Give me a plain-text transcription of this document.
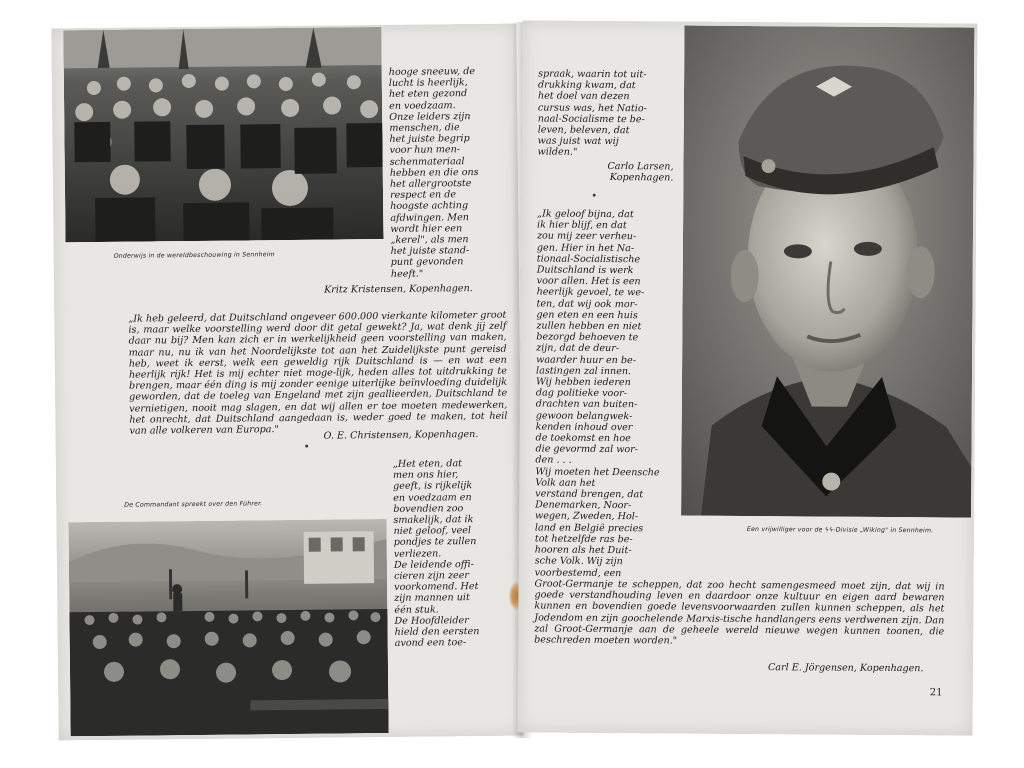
Onderwijs in de wereldbeschouwing in Sennheim
hooge sneeuw, de
lucht is heerlijk,
het eten gezond
en voedzaam.
Onze leiders zijn
menschen, die
het juiste begrip
voor hun men-
schenmateriaal
hebben en die ons
het allergrootste
respect en de
hoogste achting
afdwingen. Men
wordt hier een
„kerel", als men
het juiste stand-
punt gevonden
heeft."
Kritz Kristensen, Kopenhagen.
„Ik heb geleerd, dat Duitschland ongeveer 600.000 vierkante kilometer groot is, maar welke voorstelling werd door dit getal gewekt? Ja, wat denk jij zelf daar nu bij? Men kan zich er in werkelijkheid geen voorstelling van maken, maar nu, nu ik van het Noordelijkste tot aan het Zuidelijkste punt gereisd heb, weet ik eerst, welk een geweldig rijk Duitschland is — en wat een heerlijk rijk! Het is mij echter niet moge-lijk, heden alles tot uitdrukking te brengen, maar één ding is mij zonder eenige uiterlijke beïnvloeding duidelijk geworden, dat de toeleg van Engeland met zijn geallieerden, Duitschland te vernietigen, nooit mag slagen, en dat wij allen er toe moeten medewerken, het onrecht, dat Duitschland aangedaan is, weder goed te maken, tot heil van alle volkeren van Europa."	O. E. Christensen, Kopenhagen.
•
De Commandant spreekt over den Führer.
„Het eten, dat
men ons hier,
geeft, is rijkelijk
en voedzaam en
bovendien zoo
smakelijk, dat ik
niet geloof, veel
pondjes te zullen
verliezen.
De leidende offi-
cieren zijn zeer
voorkomend. Het
zijn mannen uit
één stuk.
De Hoofdleider
hield den eersten
avond een toe-
spraak, waarin tot uit-
drukking kwam, dat
het doel van dezen
cursus was, het Natio-
naal-Socialisme te be-
leven, beleven, dat
was juist wat wij
wilden."
Carlo Larsen,
Kopenhagen.
•
„Ik geloof bijna, dat
ik hier blijf, en dat
zou mij zeer verheu-
gen. Hier in het Na-
tionaal-Socialistische
Duitschland is werk
voor allen. Het is een
heerlijk gevoel, te we-
ten, dat wij ook mor-
gen eten en een huis
zullen hebben en niet
bezorgd behoeven te
zijn, dat de deur-
waarder huur en be-
lastingen zal innen.
Wij hebben iederen
dag politieke voor-
drachten van buiten-
gewoon belangwek-
kenden inhoud over
de toekomst en hoe
die gevormd zal wor-
den . . .
Wij moeten het Deensche
Volk aan het
verstand brengen, dat
Denemarken, Noor-
wegen, Zweden, Hol-
land en België precies
tot hetzelfde ras be-
hooren als het Duit-
sche Volk. Wij zijn
voorbestemd, een
Een vrijwilliger voor de ϟϟ-Divisie „Wiking" in Sennheim.
Groot-Germanje te scheppen, dat zoo hecht samengesmeed moet zijn, dat wij in goede verstandhouding leven en daardoor onze kultuur en eigen aard bewaren kunnen en bovendien goede levensvoorwaarden zullen kunnen scheppen, als het Jodendom en zijn goochelende Marxis-tische handlangers eens verdwenen zijn. Dan zal Groot-Germanje aan de geheele wereld nieuwe wegen kunnen toonen, die beschreden moeten worden."
Carl E. Jörgensen, Kopenhagen.
21
